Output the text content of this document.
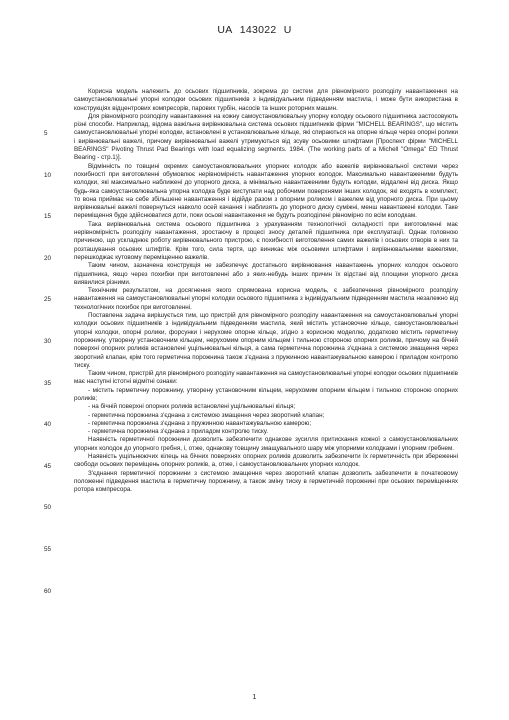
UA 143022 U
5
10
15
20
25
30
35
40
45
50
55
60

Корисна модель належить до осьових підшипників, зокрема до систем для рівномірного розподілу навантаження на самоустановлювальні упорні колодки осьових підшипників з індивідуальним підведенням мастила, і може бути використана в конструкціях відцентрових компресорів, парових турбін, насосів та інших роторних машин.

Для рівномірного розподілу навантаження на кожну самоустановлювальну упорну колодку осьового підшипника застосовують різні способи. Наприклад, відома важільна вирівнювальна система осьових підшипників фірми "MICHELL BEARINGS", що містить самоустановлювальні упорні колодки, встановлені в установлювальне кільце, які спираються на опорне кільце через опорні ролики і вирівнювальні важелі, причому вирівнювальні важелі утримуються від зсуву осьовими штифтами [Проспект фірми "MICHELL BEARINGS" Pivoting Thrust Pad Bearings with load equalizing segments. 1984. (The working parts of a Michell "Omega" ED Thrust Bearing - стр.1)].

Відмінність по товщині окремих самоустановлювальних упорних колодок або важелів вирівнювальної системи через похибності при виготовленні обумовлює нерівномірність навантаження упорних колодок. Максимально навантаженими будуть колодки, які максимально наближені до упорного диска, а мінімально навантаженими будуть колодки, віддалені від диска. Якщо будь-яка самоустановлювальна упорна колодка буде виступати над робочими поверхнями інших колодок, які входять в комплект, то вона приймає на себе збільшене навантаження і відійде разом з опорним роликом і важелем від упорного диска. При цьому вирівнювальні важелі повернуться навколо осей качання і наблизять до упорного диску суміжні, менш навантажені колодки. Таке переміщення буде здійснюватися доти, поки осьові навантаження не будуть розподілені рівномірно по всім колодкам.

Така вирівнювальна система осьового підшипника з урахуванням технологічної складності при виготовленні має нерівномірність розподілу навантаження, зростаючу в процесі зносу деталей підшипника при експлуатації. Однак головною причиною, що ускладнює роботу вирівнювального пристрою, є похибності виготовлення самих важелів і осьових отворів в них та розташування осьових штифтів. Крім того, сила тертя, що виникає між осьовими штифтами і вирівнювальними важелями, перешкоджає кутовому переміщенню важелів.

Таким чином, зазначена конструкція не забезпечує достатнього вирівнювання навантажень упорних колодок осьового підшипника, якщо через похибки при виготовленні або з яких-небудь інших причин їх відстані від площини упорного диска виявилися різними.

Технічним результатом, на досягнення якого спрямована корисна модель, є забезпечення рівномірного розподілу навантаження на самоустановлювальні упорні колодки осьового підшипника з індивідуальним підведенням мастила незалежно від технологічних похибок при виготовленні.

Поставлена задача вирішується тим, що пристрій для рівномірного розподілу навантаження на самоустановлювальні упорні колодки осьових підшипників з індивідуальним підведенням мастила, який містить установочне кільце, самоустановлювальні упорні колодки, опорні ролики, форсунки і нерухоме опорне кільце, згідно з корисною моделлю, додатково містить герметичну порожнину, утворену установочним кільцем, нерухомим опорним кільцем і тильною стороною опорних роликів, причому на бічній поверхні опорних роликів встановлені ущільнювальні кільця, а сама герметична порожнина з'єднана з системою змащення через зворотний клапан, крім того герметична порожнина також з'єднана з пружинною навантажувальною камерою і приладом контролю тиску.

Таким чином, пристрій для рівномірного розподілу навантаження на самоустановлювальні упорні колодки осьових підшипників має наступні істотні відмітні ознаки:

- містить герметичну порожнину, утворену установочним кільцем, нерухомим опорним кільцем і тильною стороною опорних роликів;

- на бічній поверхні опорних роликів встановлені ущільнювальні кільця;

- герметична порожнина з'єднана з системою змащення через зворотний клапан;

- герметична порожнина з'єднана з пружинною навантажувальною камерою;

- герметична порожнина з'єднана з приладом контролю тиску.

Наявність герметичної порожнини дозволить забезпечити однакове зусилля притискання кожної з самоустановлювальних упорних колодок до упорного гребня, і, отже, однакову товщину змащувального шару між упорними колодками і упорним гребнем.

Наявність ущільнюючих кілець на бічних поверхнях опорних роликів дозволить забезпечити їх герметичність при збереженні свободи осьових переміщень опорних роликів, а, отже, і самоустановлювальних упорних колодок.

З'єднання герметичної порожнини з системою змащення через зворотний клапан дозволить забезпечити в початковому положенні підведення мастила в герметичну порожнину, а також зміну тиску в герметичній порожнині при осьових переміщеннях ротора компресора.

1
